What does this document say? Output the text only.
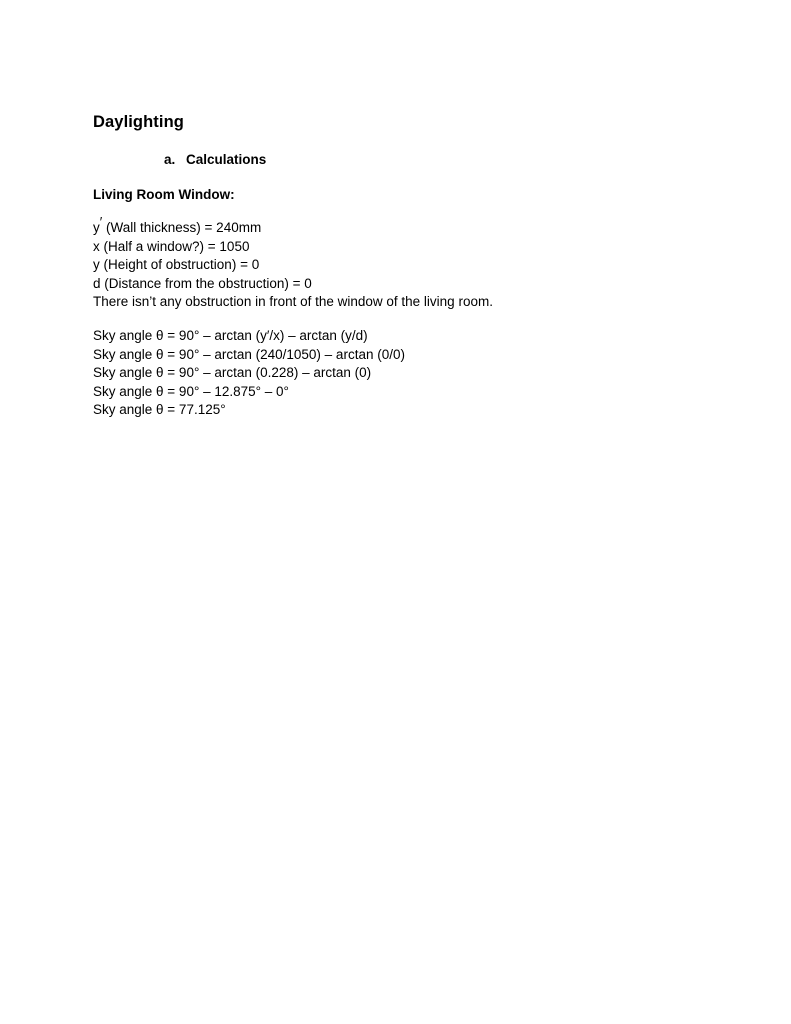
Daylighting
a. Calculations
Living Room Window:
y′ (Wall thickness) = 240mm
x (Half a window?) = 1050
y (Height of obstruction) = 0
d (Distance from the obstruction) = 0
There isn’t any obstruction in front of the window of the living room.
Sky angle θ = 90° – arctan (y′/x) – arctan (y/d)
Sky angle θ = 90° – arctan (240/1050) – arctan (0/0)
Sky angle θ = 90° – arctan (0.228) – arctan (0)
Sky angle θ = 90° – 12.875° – 0°
Sky angle θ = 77.125°
